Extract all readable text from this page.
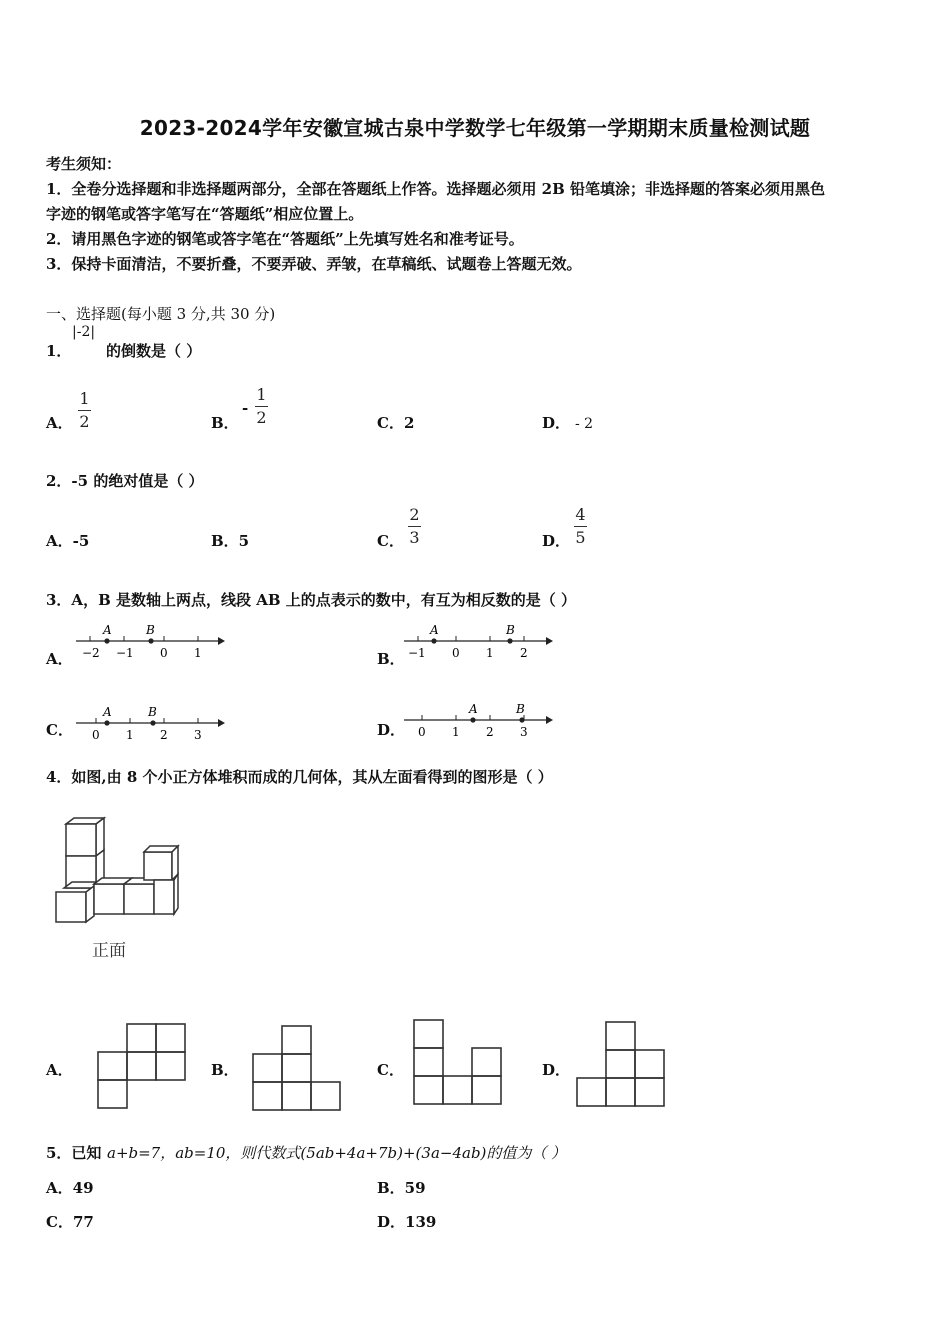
2023-2024学年安徽宣城古泉中学数学七年级第一学期期末质量检测试题
考生须知：
1．全卷分选择题和非选择题两部分，全部在答题纸上作答。选择题必须用 2B 铅笔填涂；非选择题的答案必须用黑色
字迹的钢笔或答字笔写在“答题纸”相应位置上。
2．请用黑色字迹的钢笔或答字笔在“答题纸”上先填写姓名和准考证号。
3．保持卡面清洁，不要折叠，不要弄破、弄皱，在草稿纸、试题卷上答题无效。
一、选择题(每小题 3 分,共 30 分)
1．
|-2|
的倒数是（ ）
A．
1
2	B．
-
1
2	C．2	D． - 2
2．-5 的绝对值是（ ）
A．-5	B．5	C．
2
3	D．
4
5
3．A，B 是数轴上两点，线段 AB 上的点表示的数中，有互为相反数的是（ ）
A．
A	B
−2 −1 0 1	B．
A	B
−1 0 1 2
C．
A	B
0 1 2 3	D．
A	B
0 1 2 3
4．如图,由 8 个小正方体堆积而成的几何体，其从左面看得到的图形是（ ）
正面
A．	B．	C．	D．
5．已知 a+b=7，ab=10，则代数式(5ab+4a+7b)+(3a−4ab)的值为（ ）
A．49	B．59
C．77	D．139
